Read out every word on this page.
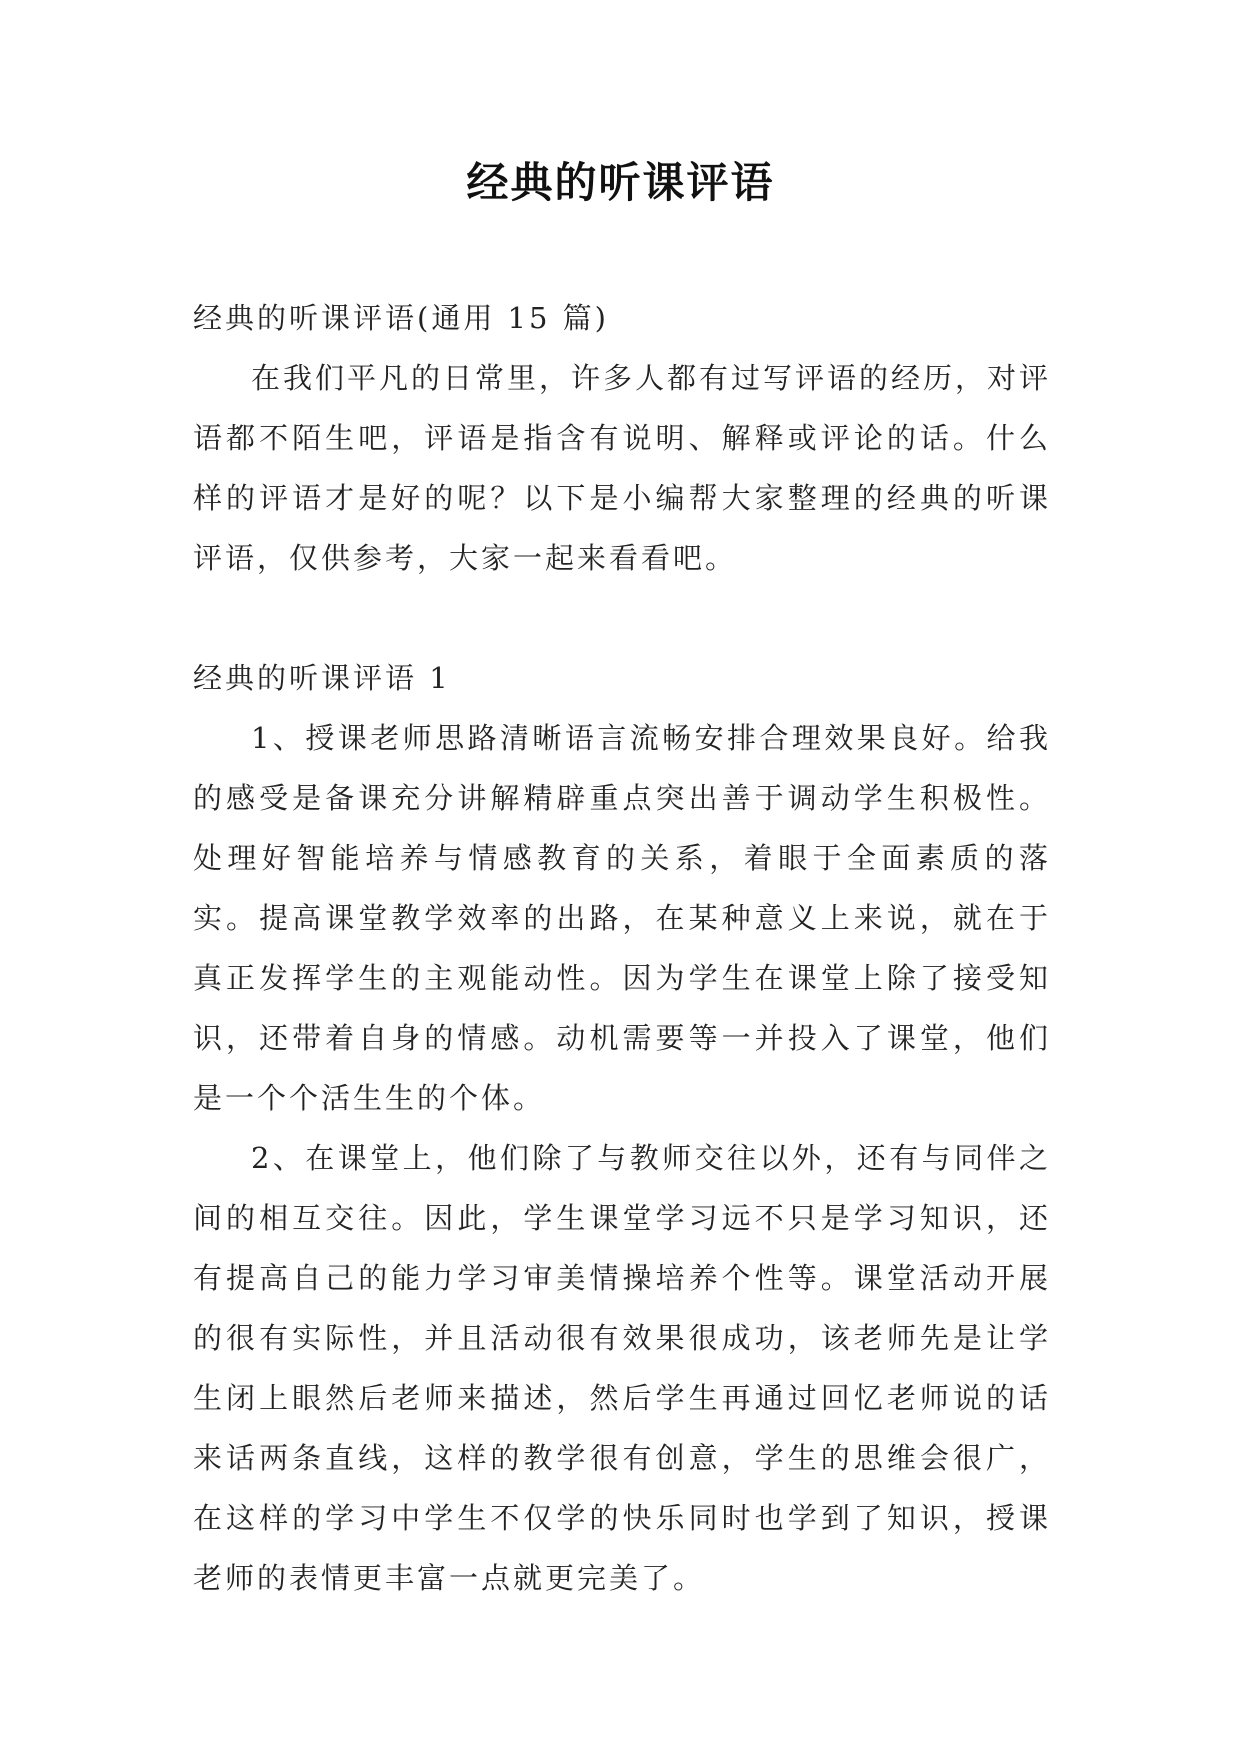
经典的听课评语

经典的听课评语(通用 15 篇)

在我们平凡的日常里，许多人都有过写评语的经历，对评语都不陌生吧，评语是指含有说明、解释或评论的话。什么样的评语才是好的呢？以下是小编帮大家整理的经典的听课评语，仅供参考，大家一起来看看吧。

经典的听课评语 1

1、授课老师思路清晰语言流畅安排合理效果良好。给我的感受是备课充分讲解精辟重点突出善于调动学生积极性。处理好智能培养与情感教育的关系，着眼于全面素质的落实。提高课堂教学效率的出路，在某种意义上来说，就在于真正发挥学生的主观能动性。因为学生在课堂上除了接受知识，还带着自身的情感。动机需要等一并投入了课堂，他们是一个个活生生的个体。

2、在课堂上，他们除了与教师交往以外，还有与同伴之间的相互交往。因此，学生课堂学习远不只是学习知识，还有提高自己的能力学习审美情操培养个性等。课堂活动开展的很有实际性，并且活动很有效果很成功，该老师先是让学生闭上眼然后老师来描述，然后学生再通过回忆老师说的话来话两条直线，这样的教学很有创意，学生的思维会很广，在这样的学习中学生不仅学的快乐同时也学到了知识，授课老师的表情更丰富一点就更完美了。
